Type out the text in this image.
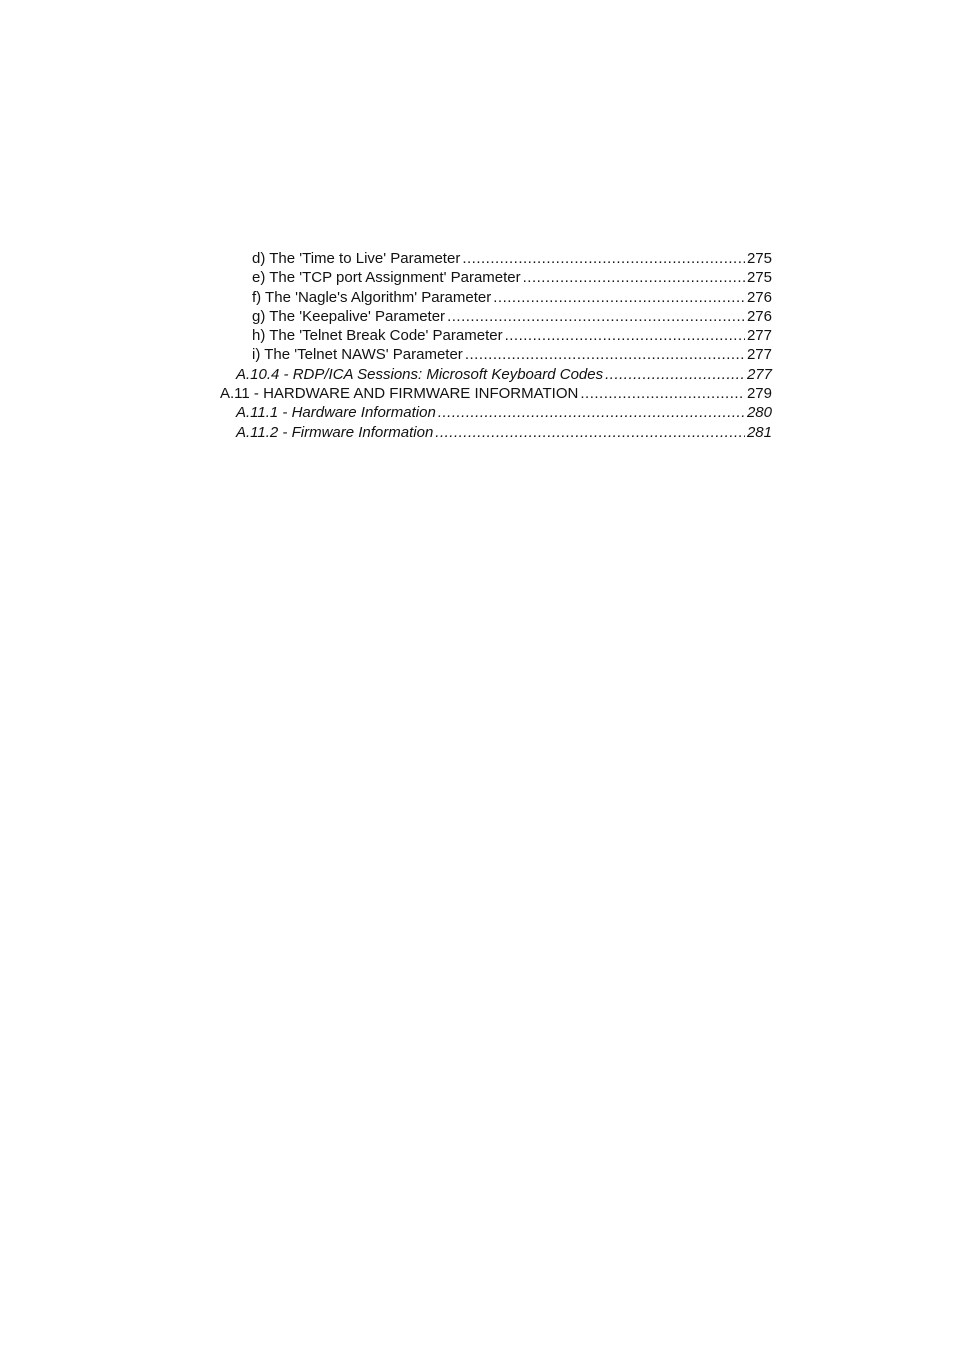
d) The 'Time to Live' Parameter .....	275
e) The 'TCP port Assignment' Parameter .....	275
f) The 'Nagle's Algorithm' Parameter .....	276
g) The 'Keepalive' Parameter .....	276
h) The 'Telnet Break Code' Parameter .....	277
i) The 'Telnet NAWS' Parameter .....	277
A.10.4 - RDP/ICA Sessions: Microsoft Keyboard Codes .....	277
A.11 - HARDWARE AND FIRMWARE INFORMATION .....	279
A.11.1 - Hardware Information .....	280
A.11.2 - Firmware Information .....	281
